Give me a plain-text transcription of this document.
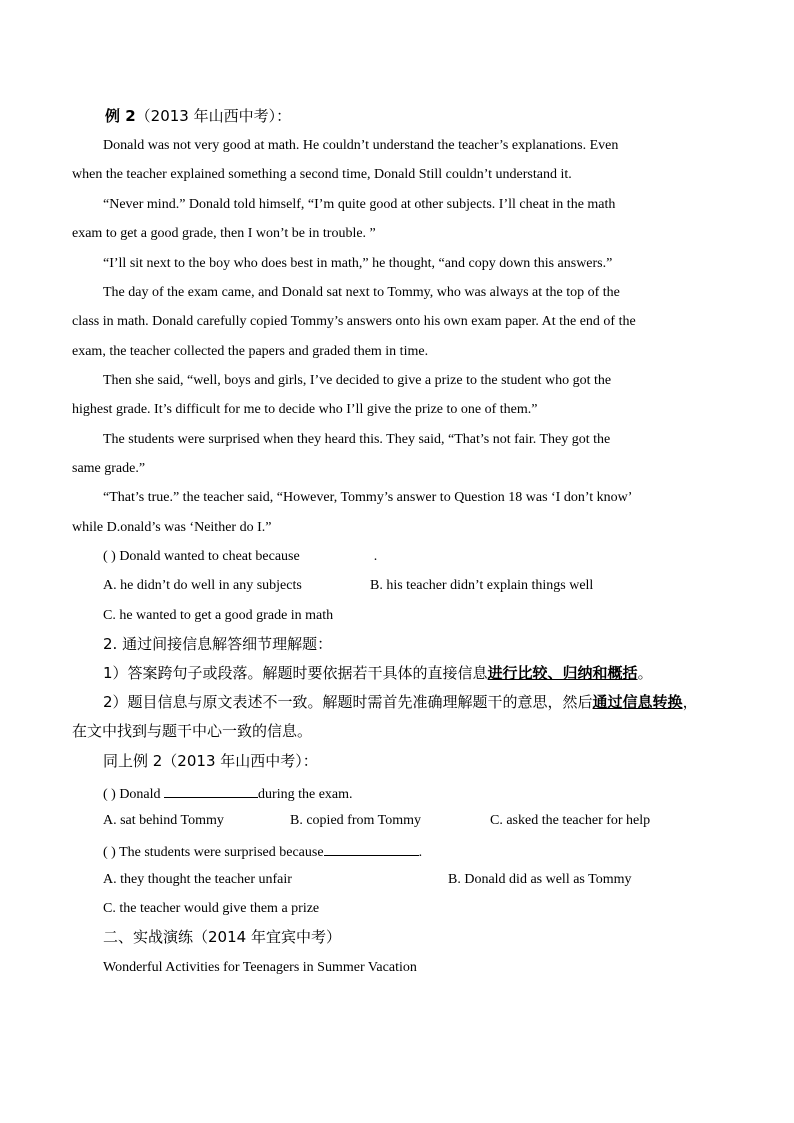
例 2（2013 年山西中考）：
Donald was not very good at math. He couldn’t understand the teacher’s explanations. Even
when the teacher explained something a second time, Donald Still couldn’t understand it.
“Never mind.” Donald told himself, “I’m quite good at other subjects. I’ll cheat in the math
exam to get a good grade, then I won’t be in trouble. ”
“I’ll sit next to the boy who does best in math,” he thought, “and copy down this answers.”
The day of the exam came, and Donald sat next to Tommy, who was always at the top of the
class in math. Donald carefully copied Tommy’s answers onto his own exam paper. At the end of the
exam, the teacher collected the papers and graded them in time.
Then she said, “well, boys and girls, I’ve decided to give a prize to the student who got the
highest grade. It’s difficult for me to decide who I’ll give the prize to one of them.”
The students were surprised when they heard this. They said, “That’s not fair. They got the
same grade.”
“That’s true.” the teacher said, “However, Tommy’s answer to Question 18 was ‘I don’t know’
while D.onald’s was ‘Neither do I.”
( ) Donald wanted to cheat because	.
A. he didn’t do well in any subjects	B. his teacher didn’t explain things well
C. he wanted to get a good grade in math
2. 通过间接信息解答细节理解题：
1）答案跨句子或段落。解题时要依据若干具体的直接信息进行比较、归纳和概括。
2）题目信息与原文表述不一致。解题时需首先准确理解题干的意思，然后通过信息转换，
在文中找到与题干中心一致的信息。
同上例 2（2013 年山西中考）：
( ) Donald	during the exam.
A. sat behind Tommy	B. copied from Tommy	C. asked the teacher for help
( ) The students were surprised because	.
A. they thought the teacher unfair	B. Donald did as well as Tommy
C. the teacher would give them a prize
二、实战演练（2014 年宜宾中考）
Wonderful Activities for Teenagers in Summer Vacation
